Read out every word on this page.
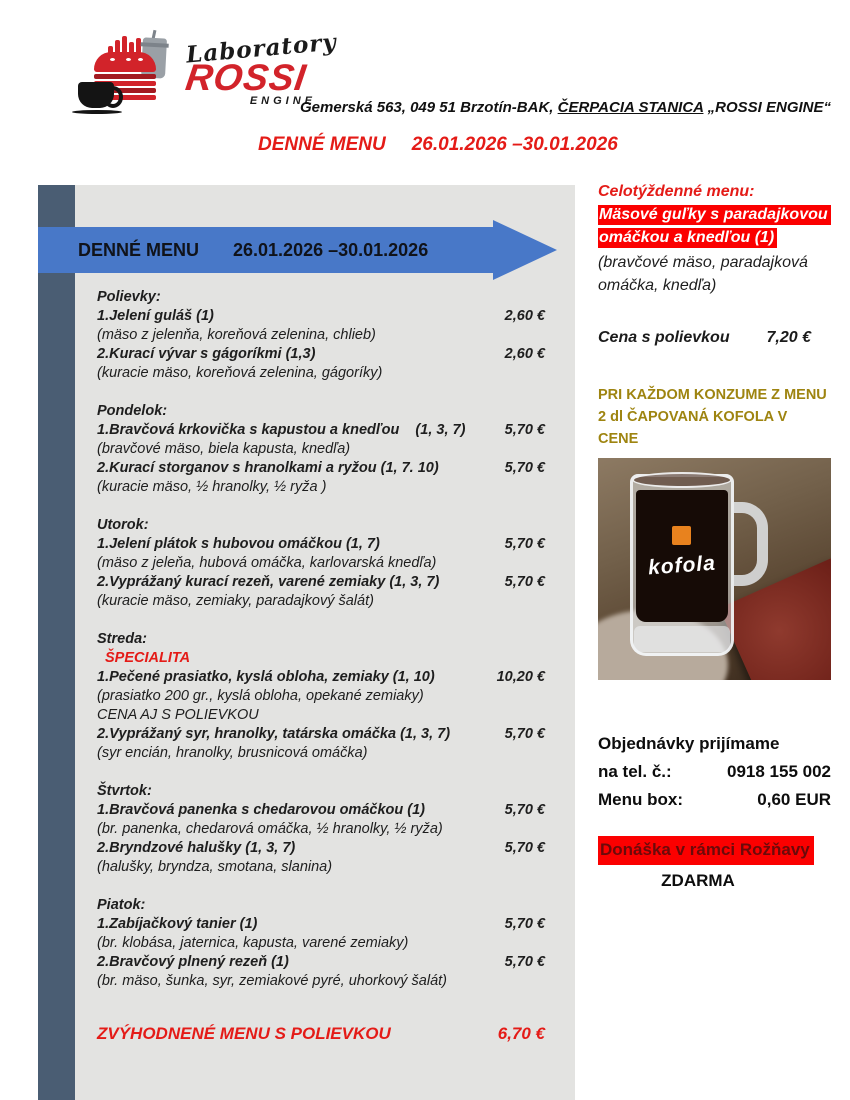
Laboratory
ROSSI
ENGINE
Gemerská 563, 049 51 Brzotín-BAK, ČERPACIA STANICA „ROSSI ENGINE“
DENNÉ MENU 26.01.2026 –30.01.2026
DENNÉ MENU 26.01.2026 –30.01.2026
Polievky:
1.Jelení guláš (1)	2,60 €
(mäso z jelenňa, koreňová zelenina, chlieb)
2.Kurací vývar s gágoríkmi (1,3)	2,60 €
(kuracie mäso, koreňová zelenina, gágoríky)
Pondelok:
1.Bravčová krkovička s kapustou a knedľou    (1, 3, 7)	5,70 €
(bravčové mäso, biela kapusta, knedľa)
2.Kurací storganov s hranolkami a ryžou (1, 7. 10)	5,70 €
(kuracie mäso, ½ hranolky, ½ ryža )
Utorok:
1.Jelení plátok s hubovou omáčkou (1, 7)	5,70 €
(mäso z jeleňa, hubová omáčka, karlovarská knedľa)
2.Vyprážaný kurací rezeň, varené zemiaky (1, 3, 7)	5,70 €
(kuracie mäso, zemiaky, paradajkový šalát)
Streda:
ŠPECIALITA
1.Pečené prasiatko, kyslá obloha, zemiaky (1, 10)	10,20 €
(prasiatko 200 gr., kyslá obloha, opekané zemiaky)
CENA AJ S POLIEVKOU
2.Vyprážaný syr, hranolky, tatárska omáčka (1, 3, 7)	5,70 €
(syr encián, hranolky, brusnicová omáčka)
Štvrtok:
1.Bravčová panenka s chedarovou omáčkou (1)	5,70 €
(br. panenka, chedarová omáčka, ½ hranolky, ½ ryža)
2.Bryndzové halušky (1, 3, 7)	5,70 €
(halušky, bryndza, smotana, slanina)
Piatok:
1.Zabíjačkový tanier (1)	5,70 €
(br. klobása, jaternica, kapusta, varené zemiaky)
2.Bravčový plnený rezeň (1)	5,70 €
(br. mäso, šunka, syr, zemiakové pyré, uhorkový šalát)
ZVÝHODNENÉ MENU S POLIEVKOU	6,70 €
Celotýždenné menu:
Mäsové guľky s paradajkovou
omáčkou a knedľou (1)
(bravčové mäso, paradajková
omáčka, knedľa)
Cena s polievkou 7,20 €
PRI KAŽDOM KONZUME Z MENU
2 dl ČAPOVANÁ KOFOLA V CENE
kofola
Objednávky prijímame
na tel. č.:	0918 155 002
Menu box:	0,60 EUR
Donáška v rámci Rožňavy
ZDARMA
